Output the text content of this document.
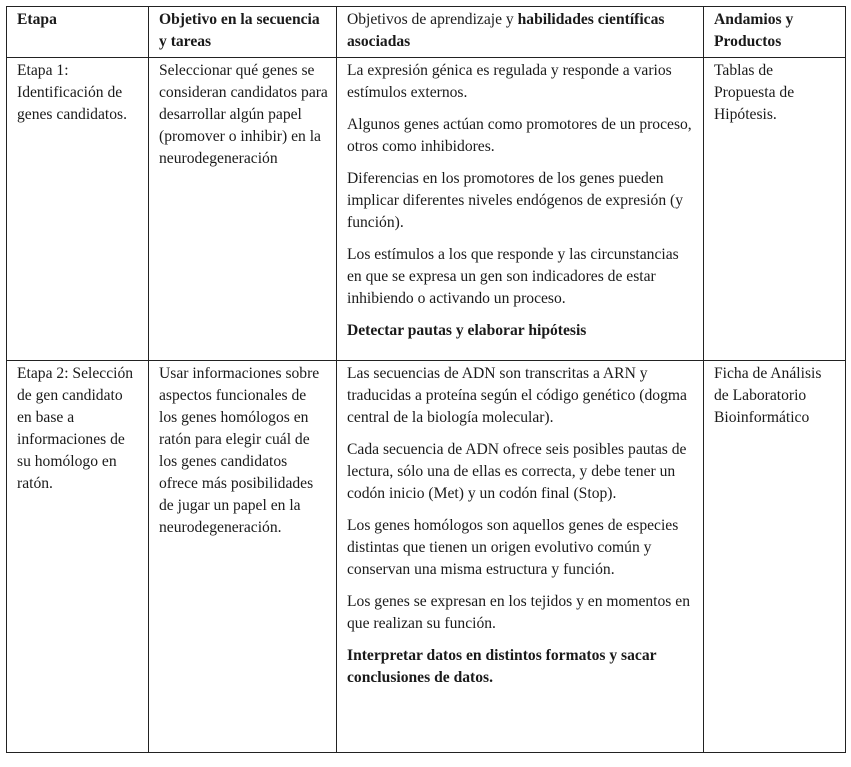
Etapa	Objetivo en la secuencia y tareas	Objetivos de aprendizaje y habilidades científicas asociadas	Andamios y Productos
Etapa 1: Identificación de genes candidatos.	Seleccionar qué genes se consideran candidatos para desarrollar algún papel (promover o inhibir) en la neurodegeneración	La expresión génica es regulada y responde a varios estímulos externos.

Algunos genes actúan como promotores de un proceso, otros como inhibidores.

Diferencias en los promotores de los genes pueden implicar diferentes niveles endógenos de expresión (y función).

Los estímulos a los que responde y las circunstancias en que se expresa un gen son indicadores de estar inhibiendo o activando un proceso.

Detectar pautas y elaborar hipótesis	Tablas de Propuesta de Hipótesis.
Etapa 2: Selección de gen candidato en base a informaciones de su homólogo en ratón.	Usar informaciones sobre aspectos funcionales de los genes homólogos en ratón para elegir cuál de los genes candidatos ofrece más posibilidades de jugar un papel en la neurodegeneración.	Las secuencias de ADN son transcritas a ARN y traducidas a proteína según el código genético (dogma central de la biología molecular).

Cada secuencia de ADN ofrece seis posibles pautas de lectura, sólo una de ellas es correcta, y debe tener un codón inicio (Met) y un codón final (Stop).

Los genes homólogos son aquellos genes de especies distintas que tienen un origen evolutivo común y conservan una misma estructura y función.

Los genes se expresan en los tejidos y en momentos en que realizan su función.

Interpretar datos en distintos formatos y sacar conclusiones de datos.	Ficha de Análisis de Laboratorio Bioinformático
